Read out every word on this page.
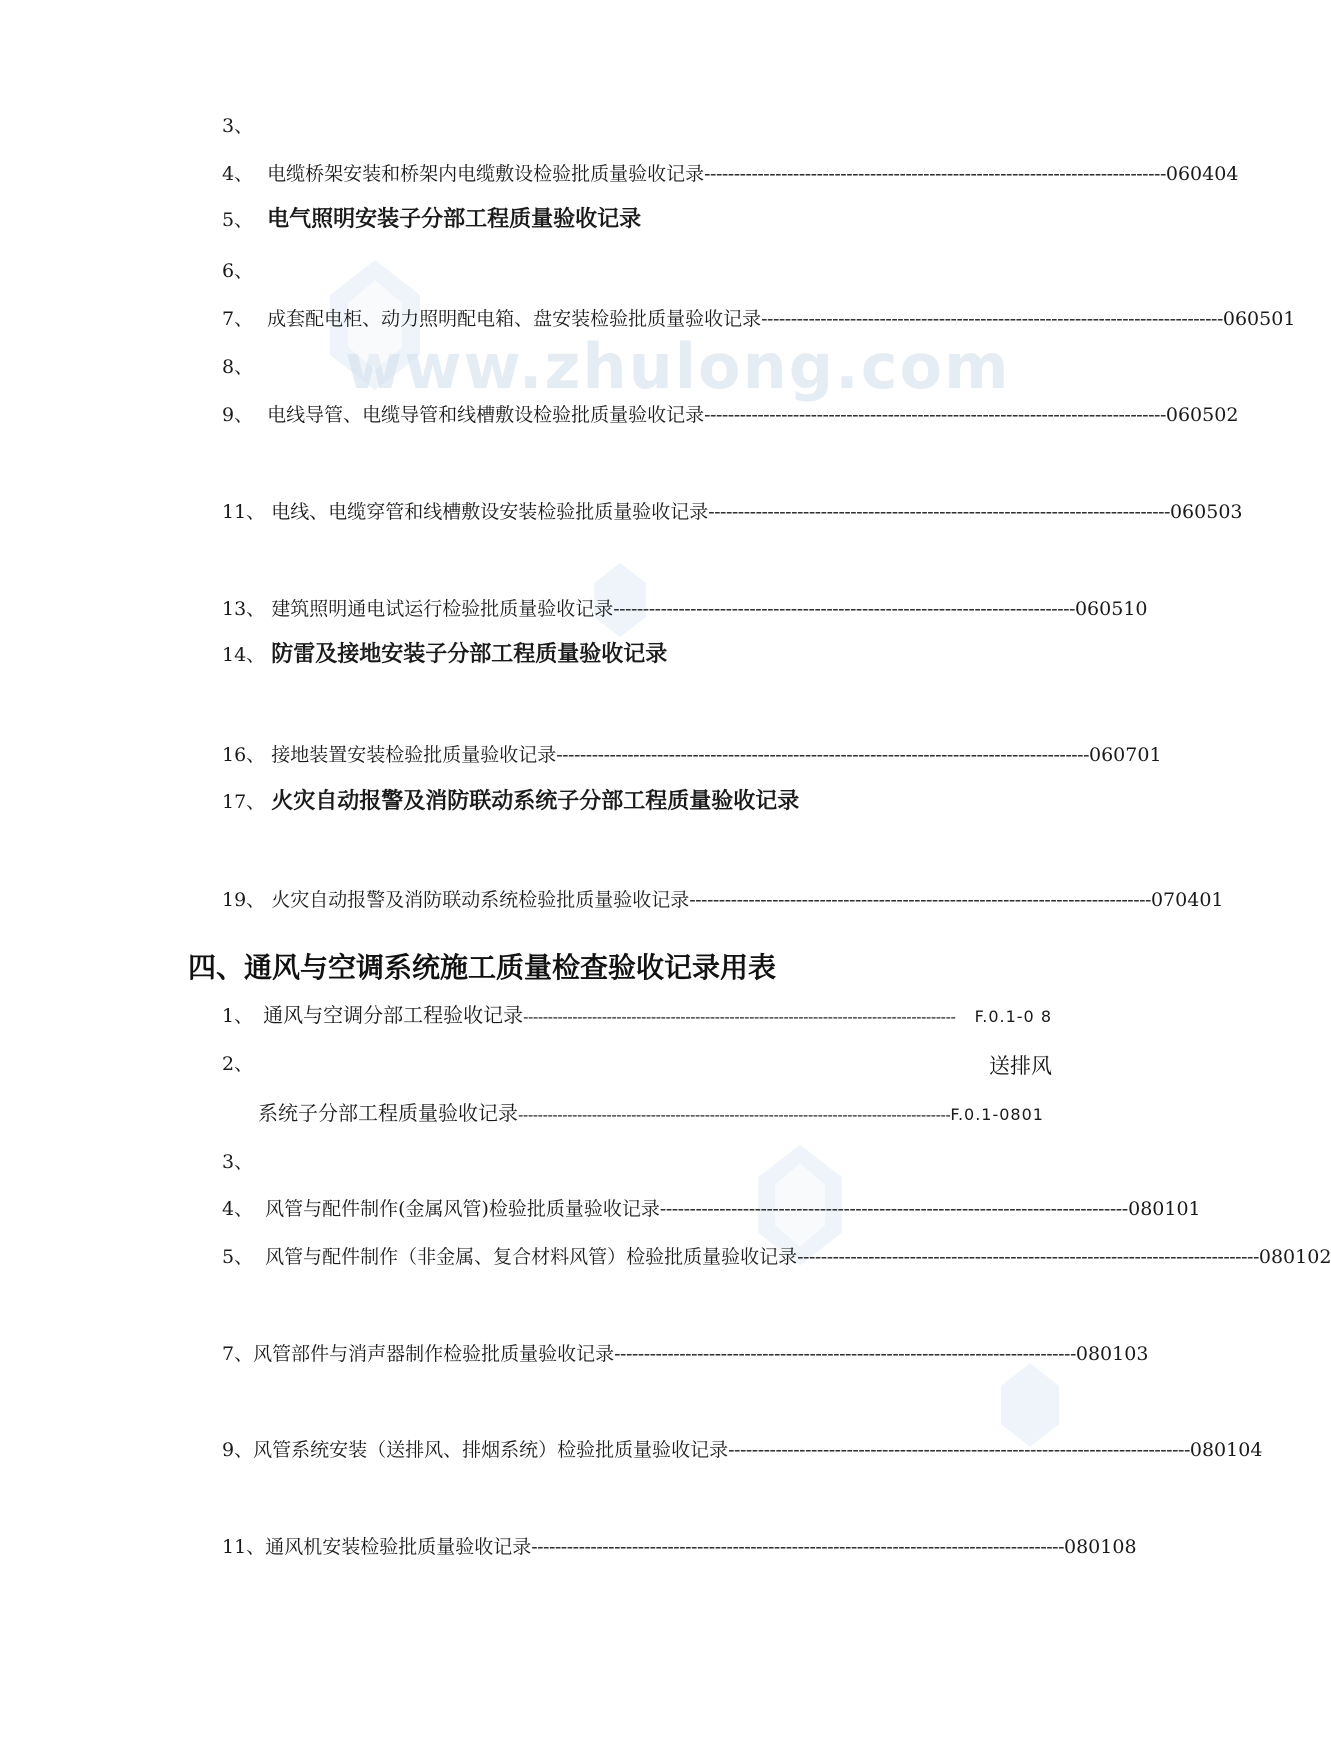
www.zhulong.com
3、
4、 电缆桥架安装和桥架内电缆敷设检验批质量验收记录 ------------------------------------------------------------------------------ 060404
5、 电气照明安装子分部工程质量验收记录
6、
7、 成套配电柜、动力照明配电箱、盘安装检验批质量验收记录 ------------------------------------------------------------------------------ 060501
8、
9、 电线导管、电缆导管和线槽敷设检验批质量验收记录 ------------------------------------------------------------------------------ 060502
11、 电线、电缆穿管和线槽敷设安装检验批质量验收记录 ------------------------------------------------------------------------------ 060503
13、 建筑照明通电试运行检验批质量验收记录 ------------------------------------------------------------------------------ 060510
14、 防雷及接地安装子分部工程质量验收记录
16、 接地装置安装检验批质量验收记录 ------------------------------------------------------------------------------------------ 060701
17、 火灾自动报警及消防联动系统子分部工程质量验收记录
19、 火灾自动报警及消防联动系统检验批质量验收记录 ------------------------------------------------------------------------------ 070401
四、通风与空调系统施工质量检查验收记录用表
1、 通风与空调分部工程验收记录 ----------------------------------------------------------------------------------------	F.0.1-0 8
2、	送排风
系统子分部工程质量验收记录 ---------------------------------------------------------------------------------------- F.0.1-0801
3、
4、 风管与配件制作(金属风管)检验批质量验收记录 ------------------------------------------------------------------------------ -080101
5、 风管与配件制作（非金属、复合材料风管）检验批质量验收记录 ------------------------------------------------------------------------------ 080102
7、 风管部件与消声器制作检验批质量验收记录 ------------------------------------------------------------------------------ 080103
9、 风管系统安装（送排风、排烟系统）检验批质量验收记录 ------------------------------------------------------------------------------ 080104
11、 通风机安装检验批质量验收记录 ------------------------------------------------------------------------------------------ 080108
